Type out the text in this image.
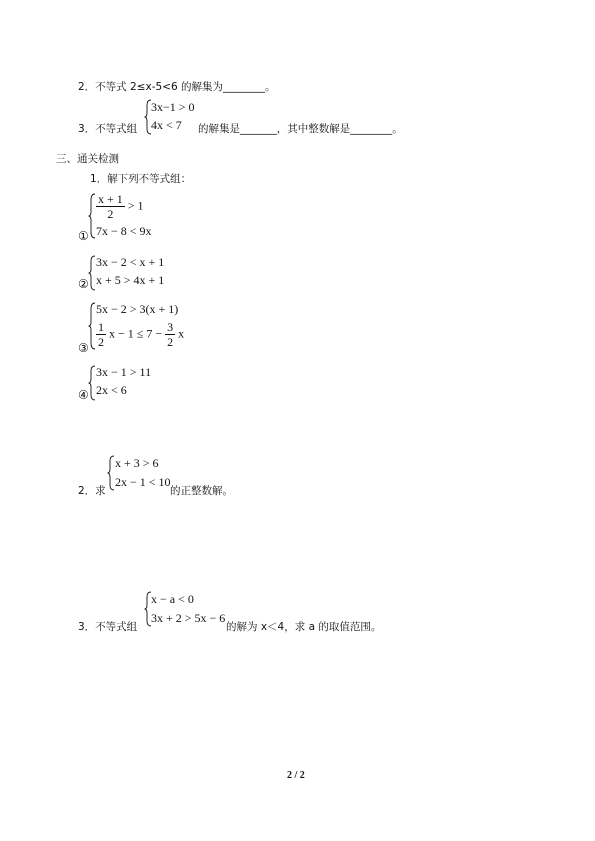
2．不等式 2≤x-5<6 的解集为________。
3．不等式组
3x−1 > 0
4x < 7 的解集是_______，其中整数解是________。
三、通关检测
1．解下列不等式组：
$\frac{x + 1}{2} > 1$
7x − 8 < 9x
①
3x − 2 < x + 1
x + 5 > 4x + 1
②
5x − 2 > 3(x + 1)
$\frac{1}{2}$ $x - 1 \le 7 - \frac{3}{2}$ x
③
3x − 1 > 11
2x < 6
④
x + 3 > 6
2x − 1 < 10
2．求	的正整数解。
x − a < 0
3x + 2 > 5x − 6
3．不等式组	的解为 x＜4，求 a 的取值范围。
2 / 2
